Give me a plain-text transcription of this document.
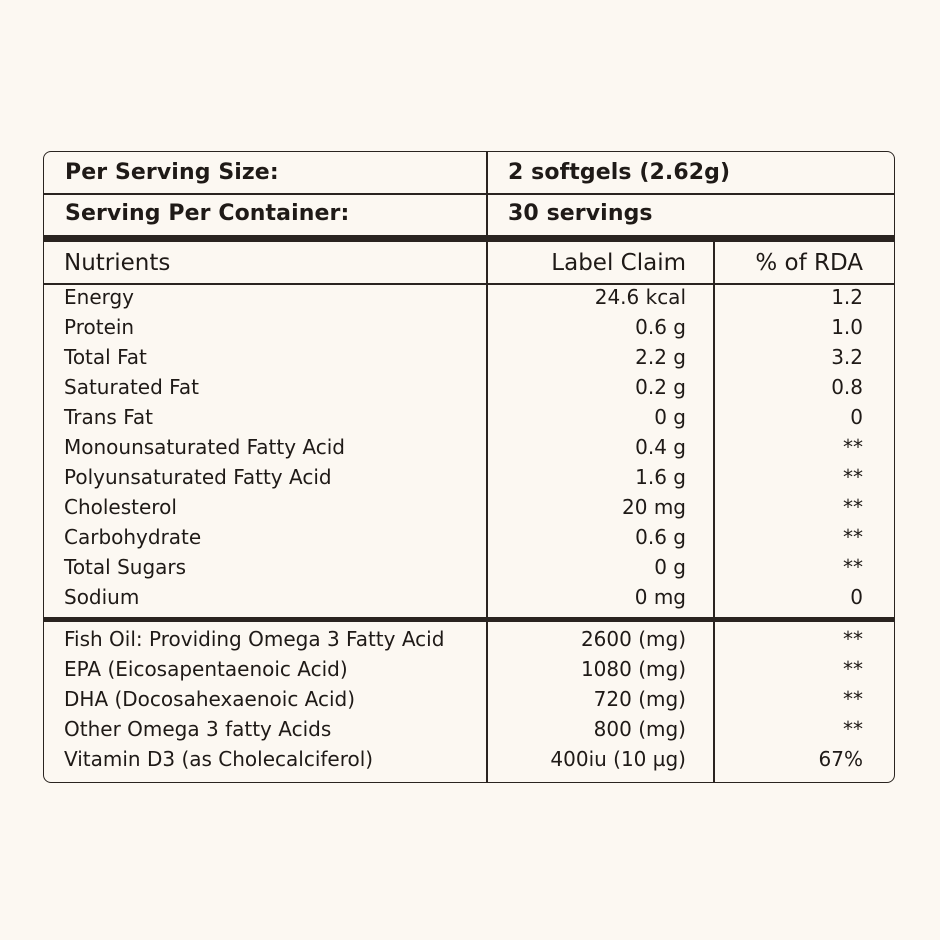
Per Serving Size:	2 softgels (2.62g)
Serving Per Container:	30 servings
Nutrients	Label Claim	% of RDA
Energy	24.6 kcal	1.2
Protein	0.6 g	1.0
Total Fat	2.2 g	3.2
Saturated Fat	0.2 g	0.8
Trans Fat	0 g	0
Monounsaturated Fatty Acid	0.4 g	**
Polyunsaturated Fatty Acid	1.6 g	**
Cholesterol	20 mg	**
Carbohydrate	0.6 g	**
Total Sugars	0 g	**
Sodium	0 mg	0
Fish Oil: Providing Omega 3 Fatty Acid	2600 (mg)	**
EPA (Eicosapentaenoic Acid)	1080 (mg)	**
DHA (Docosahexaenoic Acid)	720 (mg)	**
Other Omega 3 fatty Acids	800 (mg)	**
Vitamin D3 (as Cholecalciferol)	400iu (10 µg)	67%
